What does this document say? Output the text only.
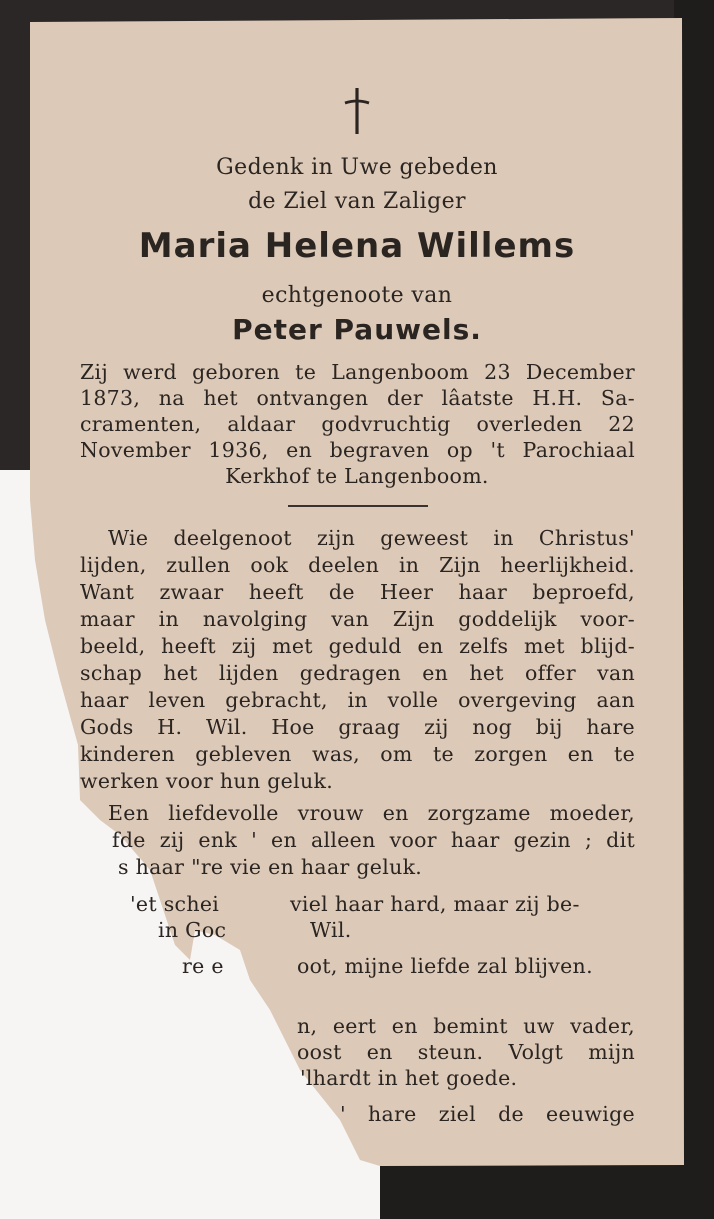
Gedenk in Uwe gebeden
de Ziel van Zaliger
Maria Helena Willems
echtgenoote van
Peter Pauwels.
Zij werd geboren te Langenboom 23 December
1873, na het ontvangen der lâatste H.H. Sa-
cramenten, aldaar godvruchtig overleden 22
November 1936, en begraven op 't Parochiaal
Kerkhof te Langenboom.
Wie deelgenoot zijn geweest in Christus'
lijden, zullen ook deelen in Zijn heerlijkheid.
Want zwaar heeft de Heer haar beproefd,
maar in navolging van Zijn goddelijk voor-
beeld, heeft zij met geduld en zelfs met blijd-
schap het lijden gedragen en het offer van
haar leven gebracht, in volle overgeving aan
Gods H. Wil. Hoe graag zij nog bij hare
kinderen gebleven was, om te zorgen en te
werken voor hun geluk.
Een liefdevolle vrouw en zorgzame moeder,
fde zij enk ' en alleen voor haar gezin ; dit
s haar "re vie en haar geluk.
'et schei	viel haar hard, maar zij be-
in Goc	Wil.
re e	oot, mijne liefde zal blijven.
n, eert en bemint uw vader,
oost en steun. Volgt mijn
'lhardt in het goede.
' hare ziel de eeuwige
